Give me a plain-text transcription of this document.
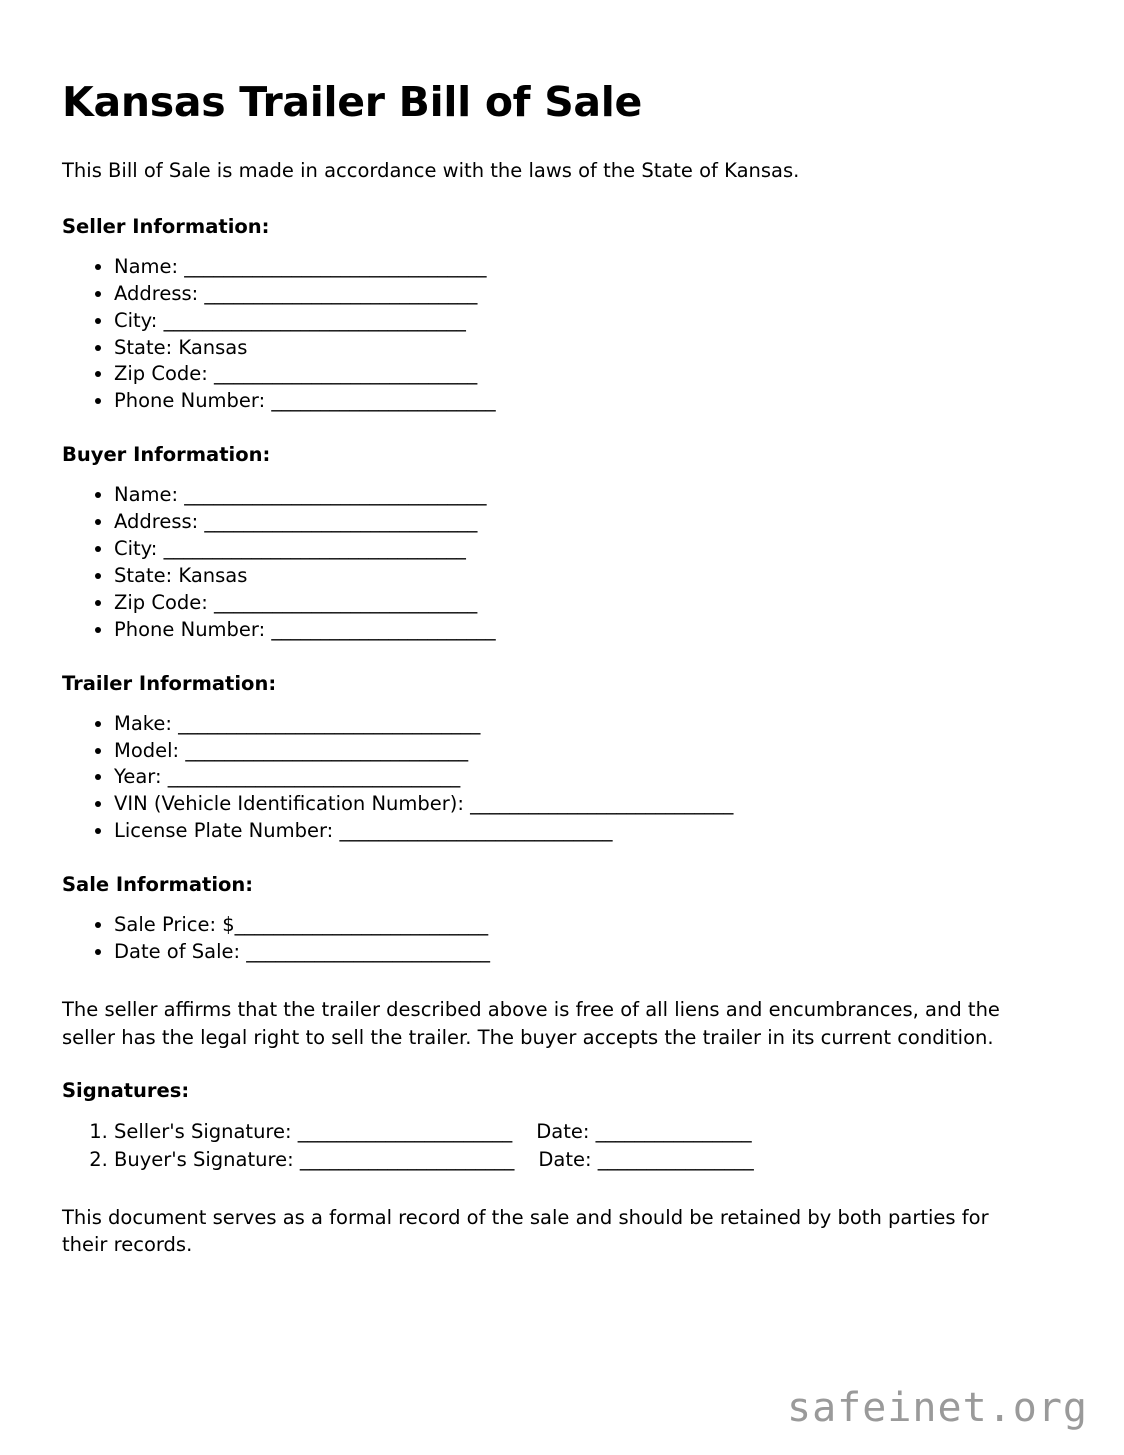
Kansas Trailer Bill of Sale

This Bill of Sale is made in accordance with the laws of the State of Kansas.

Seller Information:
• Name: _______________________________
• Address: ____________________________
• City: _______________________________
• State: Kansas
• Zip Code: ___________________________
• Phone Number: _______________________
Buyer Information:
• Name: _______________________________
• Address: ____________________________
• City: _______________________________
• State: Kansas
• Zip Code: ___________________________
• Phone Number: _______________________
Trailer Information:
• Make: _______________________________
• Model: _____________________________
• Year: ______________________________
• VIN (Vehicle Identification Number): ___________________________
• License Plate Number: ____________________________
Sale Information:
• Sale Price: $__________________________
• Date of Sale: _________________________

The seller affirms that the trailer described above is free of all liens and encumbrances, and the seller has the legal right to sell the trailer. The buyer accepts the trailer in its current condition.

Signatures:
1. Seller's Signature: ______________________ Date: ________________
2. Buyer's Signature: ______________________ Date: ________________

This document serves as a formal record of the sale and should be retained by both parties for their records.

safeinet.org
